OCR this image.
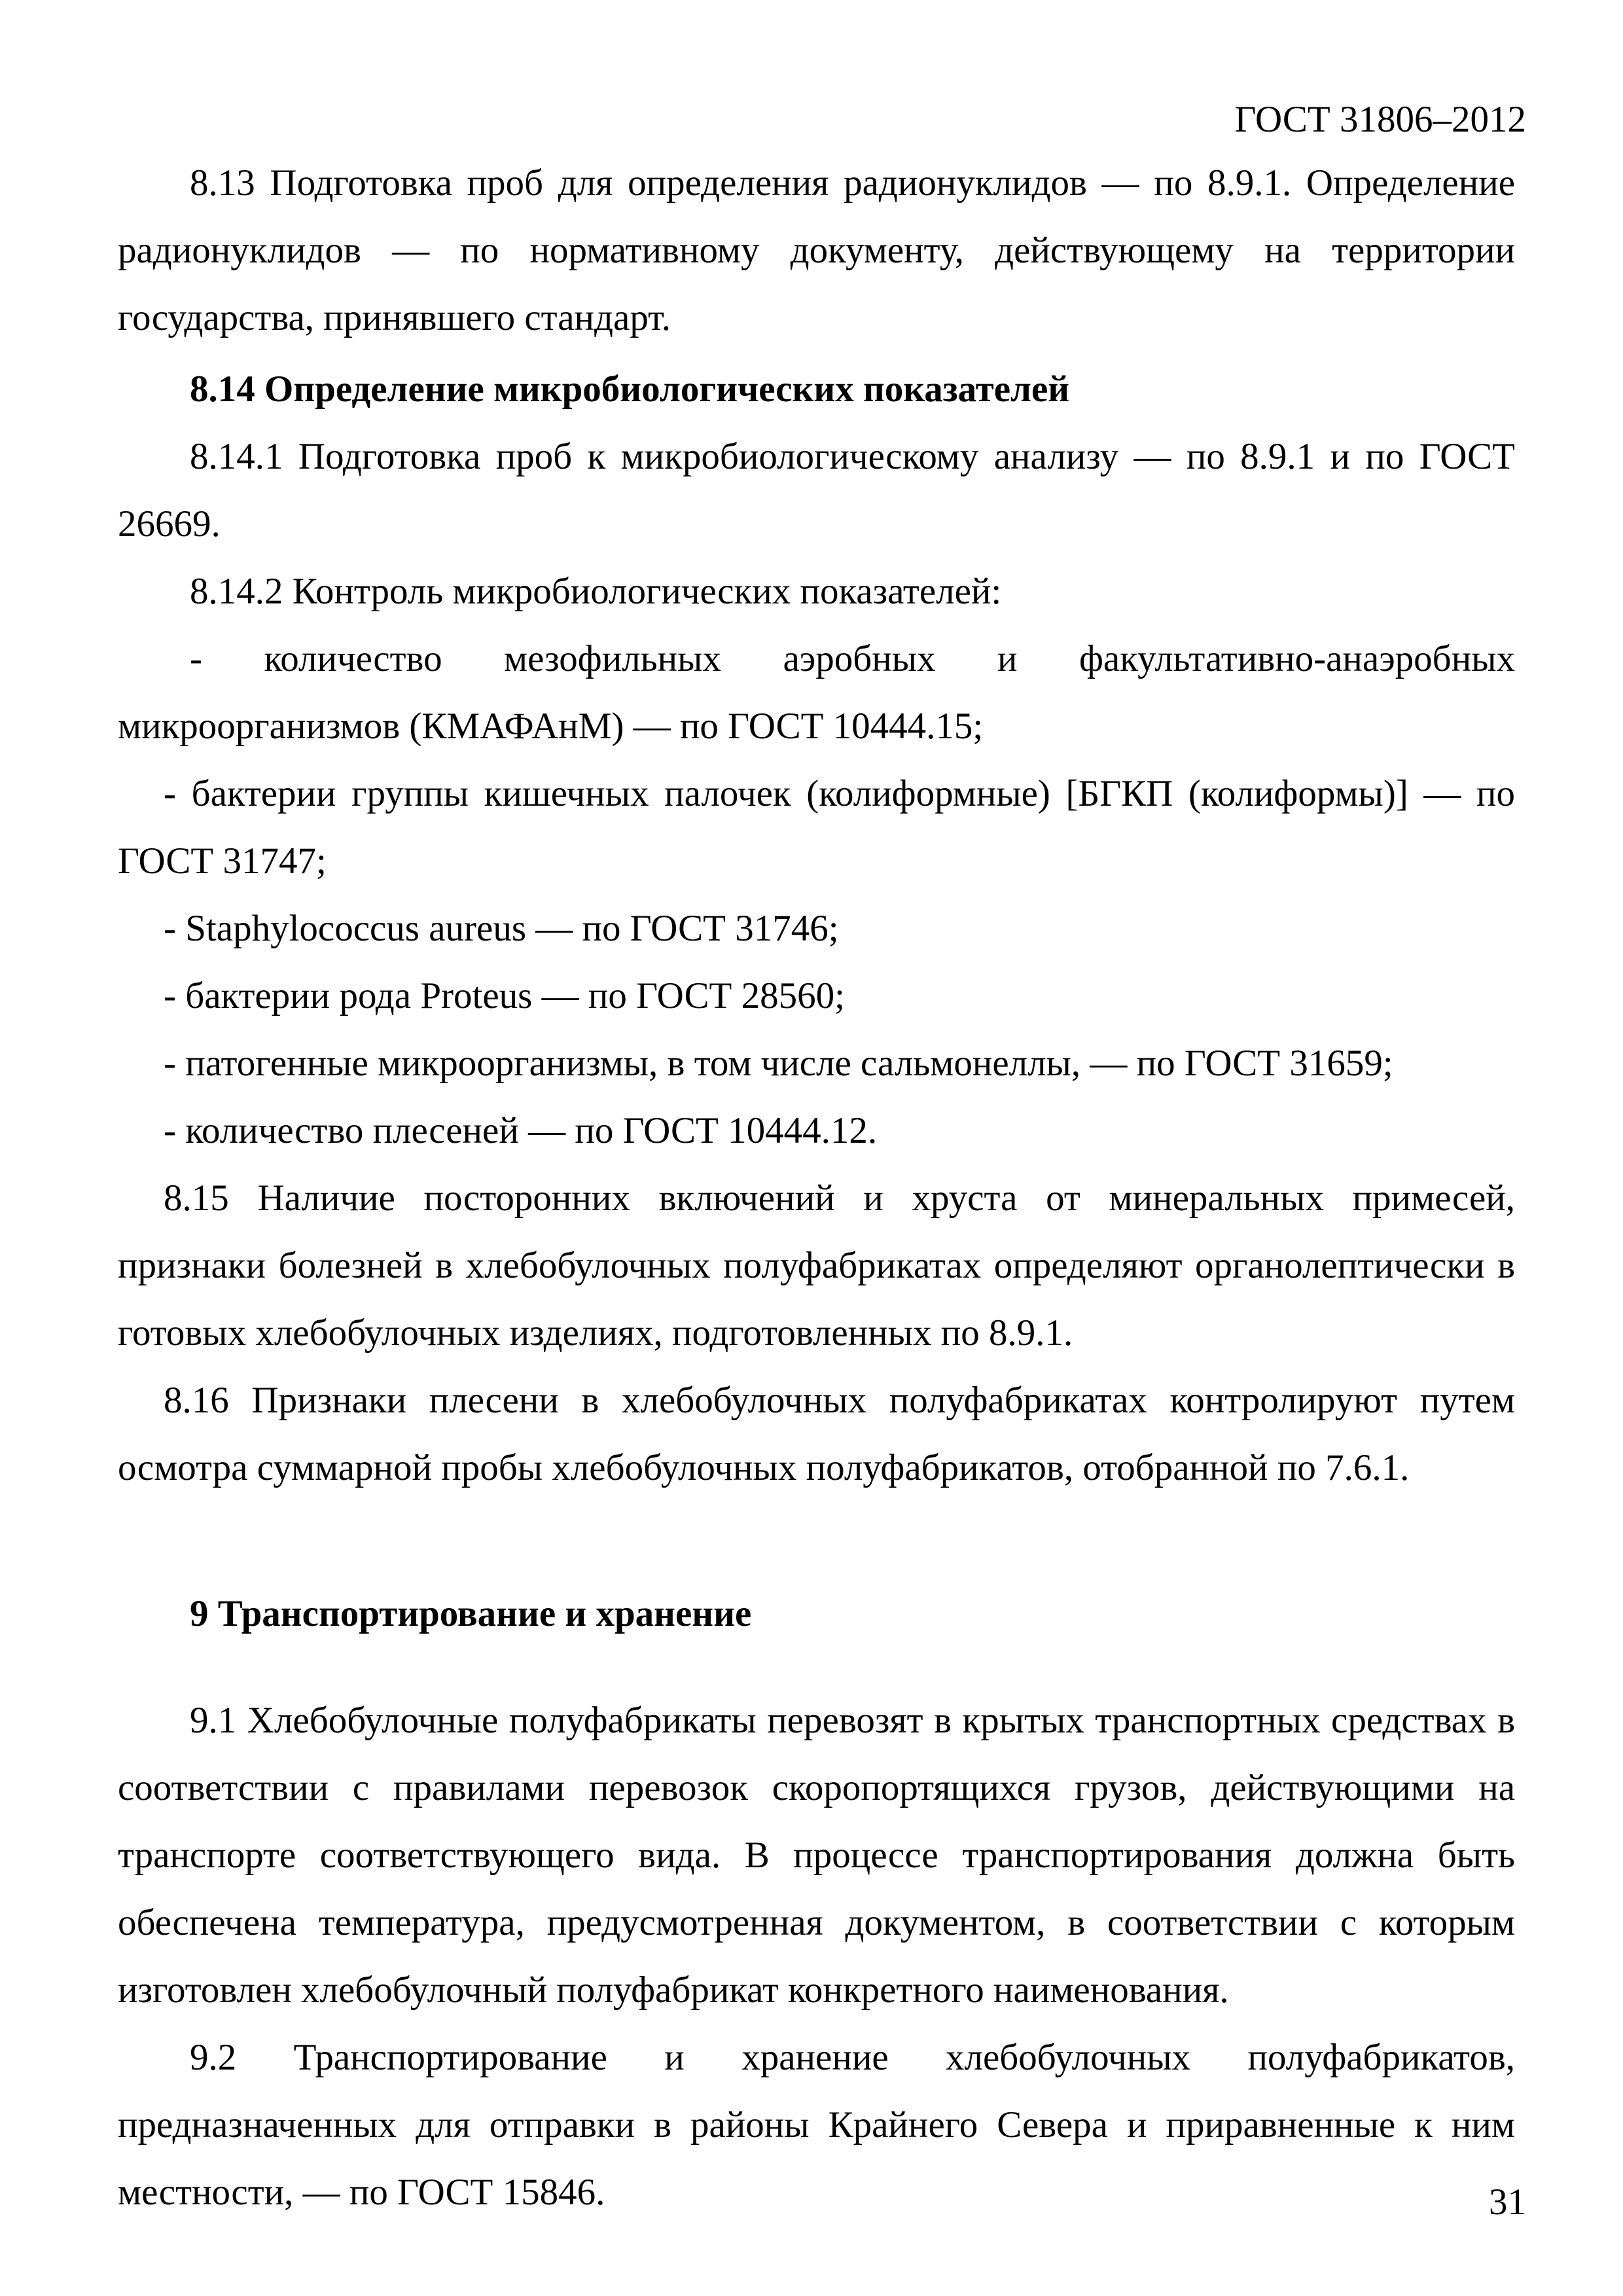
ГОСТ 31806–2012

8.13 Подготовка проб для определения радионуклидов — по 8.9.1. Определение радионуклидов — по нормативному документу, действующему на территории государства, принявшего стандарт.

8.14 Определение микробиологических показателей

8.14.1 Подготовка проб к микробиологическому анализу — по 8.9.1 и по ГОСТ 26669.

8.14.2 Контроль микробиологических показателей:

- количество мезофильных аэробных и факультативно-анаэробных микроорганизмов (КМАФАнМ) — по ГОСТ 10444.15;

- бактерии группы кишечных палочек (колиформные) [БГКП (колиформы)] — по ГОСТ 31747;

- Staphylococcus aureus — по ГОСТ 31746;

- бактерии рода Proteus — по ГОСТ 28560;

- патогенные микроорганизмы, в том числе сальмонеллы, — по ГОСТ 31659;

- количество плесеней — по ГОСТ 10444.12.

8.15 Наличие посторонних включений и хруста от минеральных примесей, признаки болезней в хлебобулочных полуфабрикатах определяют органолептически в готовых хлебобулочных изделиях, подготовленных по 8.9.1.

8.16 Признаки плесени в хлебобулочных полуфабрикатах контролируют путем осмотра суммарной пробы хлебобулочных полуфабрикатов, отобранной по 7.6.1.

9 Транспортирование и хранение

9.1 Хлебобулочные полуфабрикаты перевозят в крытых транспортных средствах в соответствии с правилами перевозок скоропортящихся грузов, действующими на транспорте соответствующего вида. В процессе транспортирования должна быть обеспечена температура, предусмотренная документом, в соответствии с которым изготовлен хлебобулочный полуфабрикат конкретного наименования.

9.2 Транспортирование и хранение хлебобулочных полуфабрикатов, предназначенных для отправки в районы Крайнего Севера и приравненные к ним местности, — по ГОСТ 15846.	31
